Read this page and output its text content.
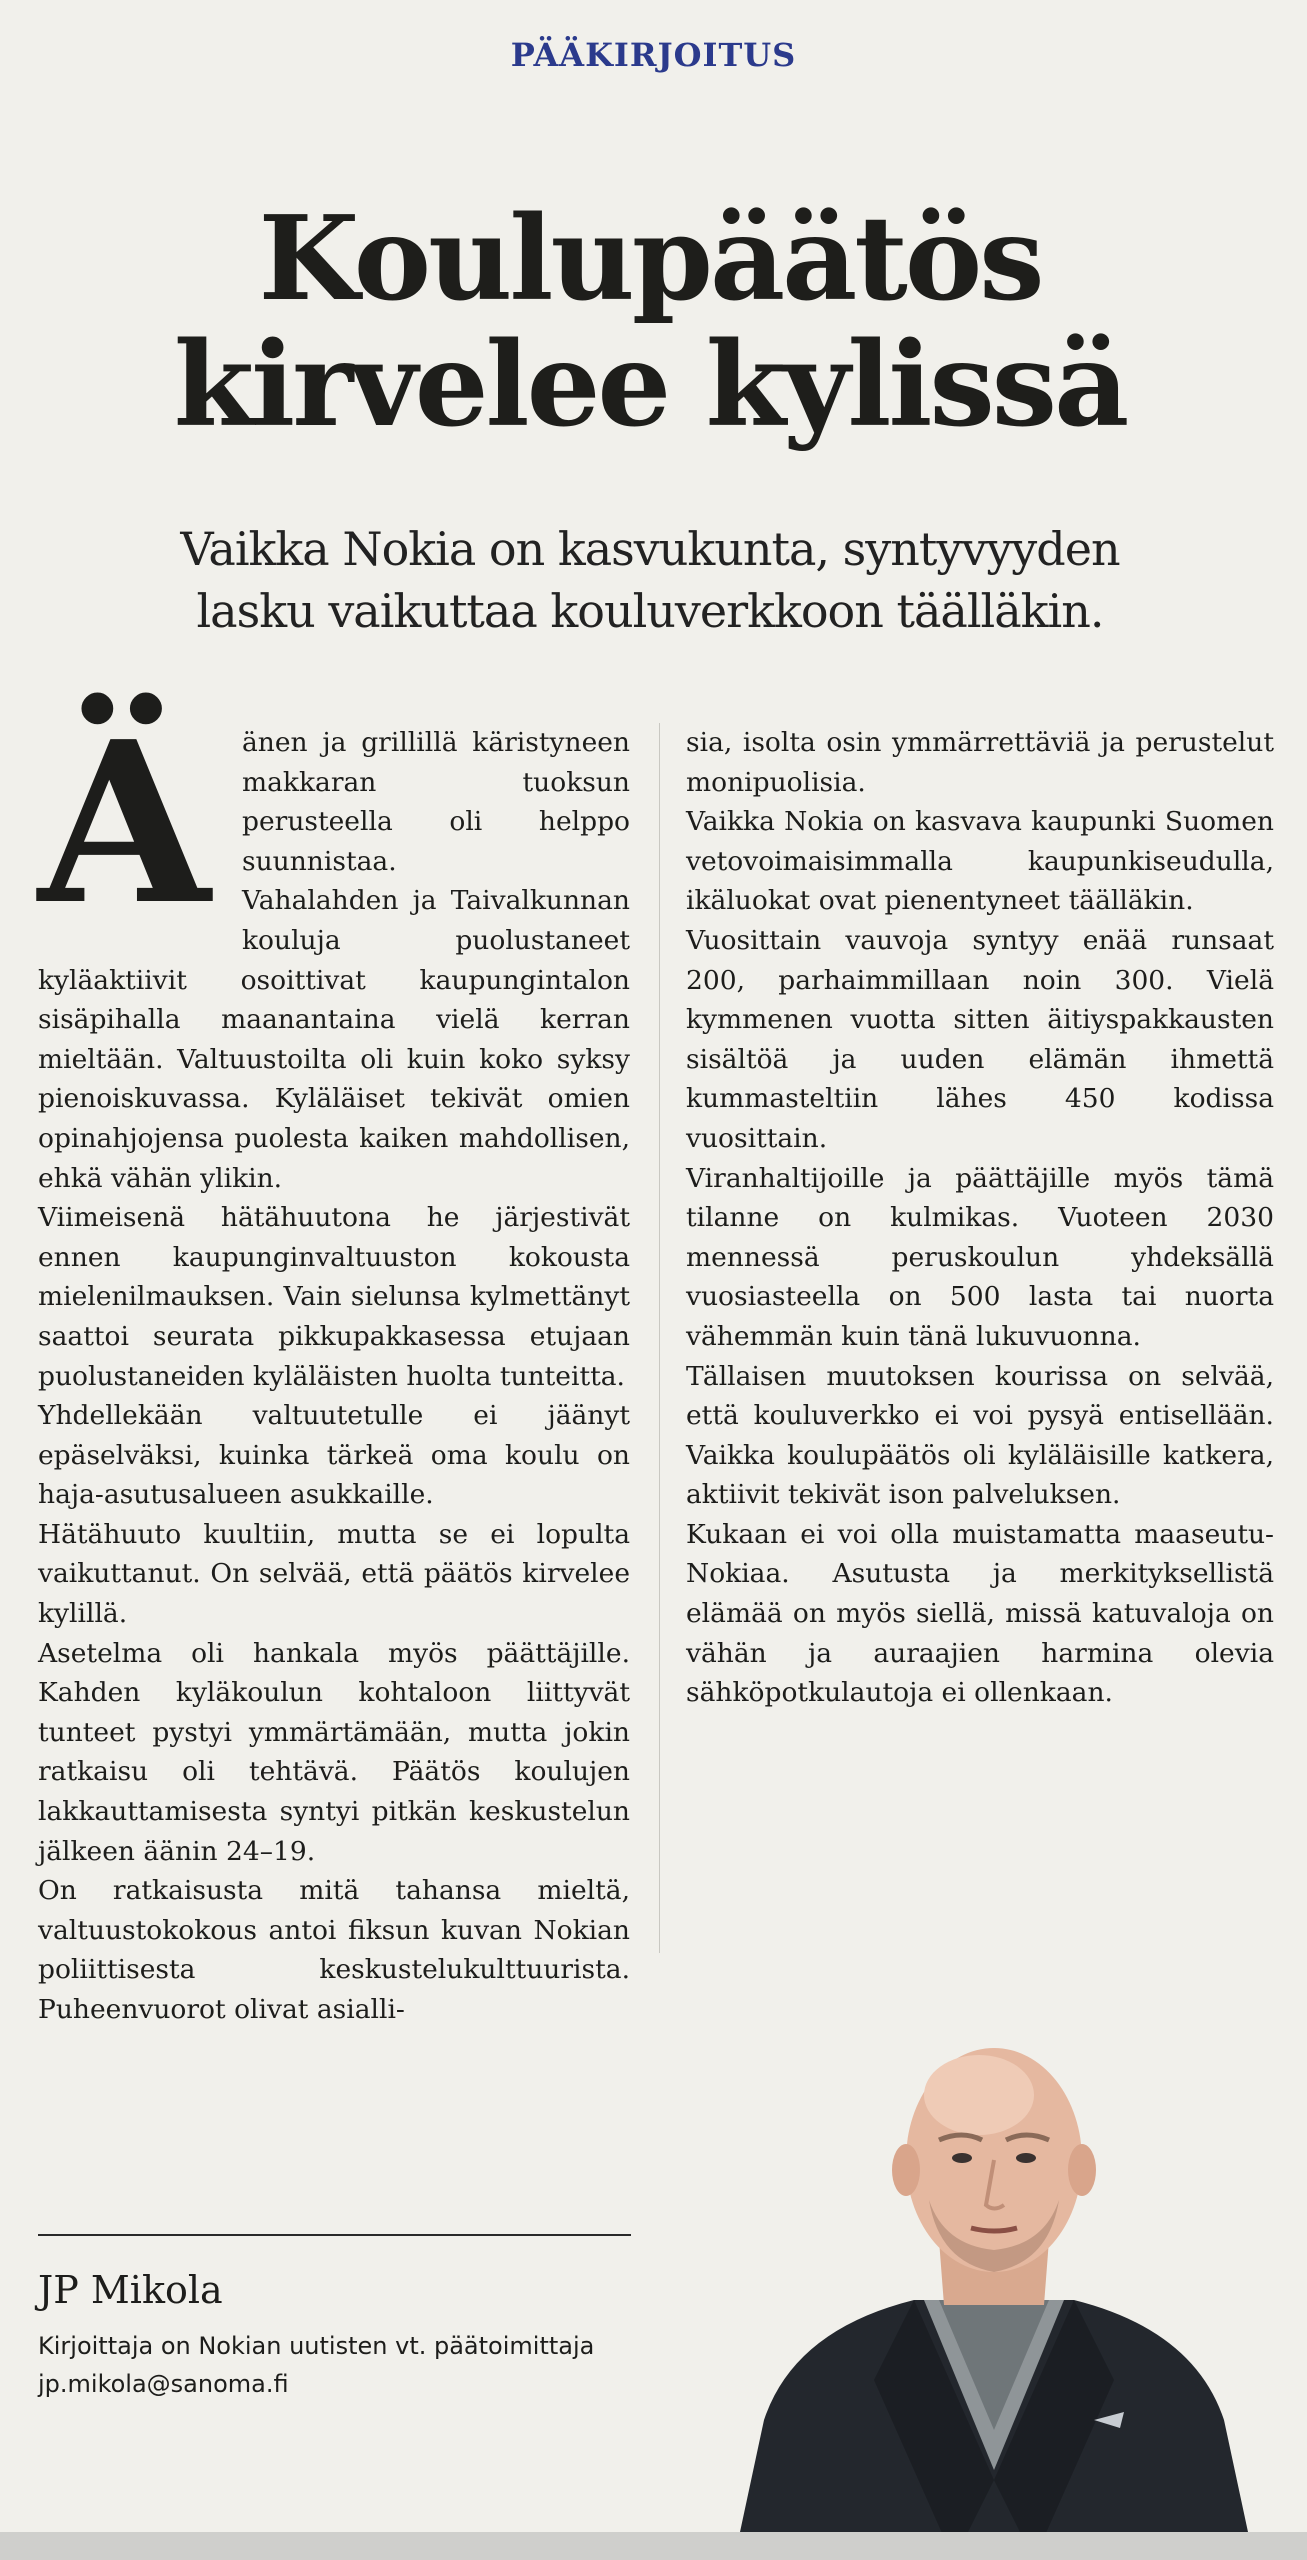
PÄÄKIRJOITUS
Koulupäätös
kirvelee kylissä
Vaikka Nokia on kasvukunta, syntyvyyden
lasku vaikuttaa kouluverkkoon täälläkin.
Ä	änen ja grillillä käristyneen makkaran tuoksun perusteella oli helppo suunnistaa.

Vahalahden ja Taivalkunnan kouluja puolustaneet kyläaktiivit osoittivat kaupungintalon sisäpihalla maanantaina vielä kerran mieltään. Valtuustoilta oli kuin koko syksy pienoiskuvassa. Kyläläiset tekivät omien opinahjojensa puolesta kaiken mahdollisen, ehkä vähän ylikin.

Viimeisenä hätähuutona he järjestivät ennen kaupunginvaltuuston kokousta mielenilmauksen. Vain sielunsa kylmettänyt saattoi seurata pikkupakkasessa etujaan puolustaneiden kyläläisten huolta tunteitta.

Yhdellekään valtuutetulle ei jäänyt epäselväksi, kuinka tärkeä oma koulu on haja-asutusalueen asukkaille.

Hätähuuto kuultiin, mutta se ei lopulta vaikuttanut. On selvää, että päätös kirvelee kylillä.

Asetelma oli hankala myös päättäjille. Kahden kyläkoulun kohtaloon liittyvät tunteet pystyi ymmärtämään, mutta jokin ratkaisu oli tehtävä. Päätös koulujen lakkauttamisesta syntyi pitkän keskustelun jälkeen äänin 24–19.

On ratkaisusta mitä tahansa mieltä, valtuustokokous antoi fiksun kuvan Nokian poliittisesta keskustelukulttuurista. Puheenvuorot olivat asialli-

sia, isolta osin ymmärrettäviä ja perustelut monipuolisia.

Vaikka Nokia on kasvava kaupunki Suomen vetovoimaisimmalla kaupunkiseudulla, ikäluokat ovat pienentyneet täälläkin.

Vuosittain vauvoja syntyy enää runsaat 200, parhaimmillaan noin 300. Vielä kymmenen vuotta sitten äitiyspakkausten sisältöä ja uuden elämän ihmettä kummasteltiin lähes 450 kodissa vuosittain.

Viranhaltijoille ja päättäjille myös tämä tilanne on kulmikas. Vuoteen 2030 mennessä peruskoulun yhdeksällä vuosiasteella on 500 lasta tai nuorta vähemmän kuin tänä lukuvuonna.

Tällaisen muutoksen kourissa on selvää, että kouluverkko ei voi pysyä entisellään. Vaikka koulupäätös oli kyläläisille katkera, aktiivit tekivät ison palveluksen.

Kukaan ei voi olla muistamatta maaseutu-Nokiaa. Asutusta ja merkityksellistä elämää on myös siellä, missä katuvaloja on vähän ja auraajien harmina olevia sähköpotkulautoja ei ollenkaan.

JP Mikola
Kirjoittaja on Nokian uutisten vt. päätoimittaja
jp.mikola@sanoma.fi
